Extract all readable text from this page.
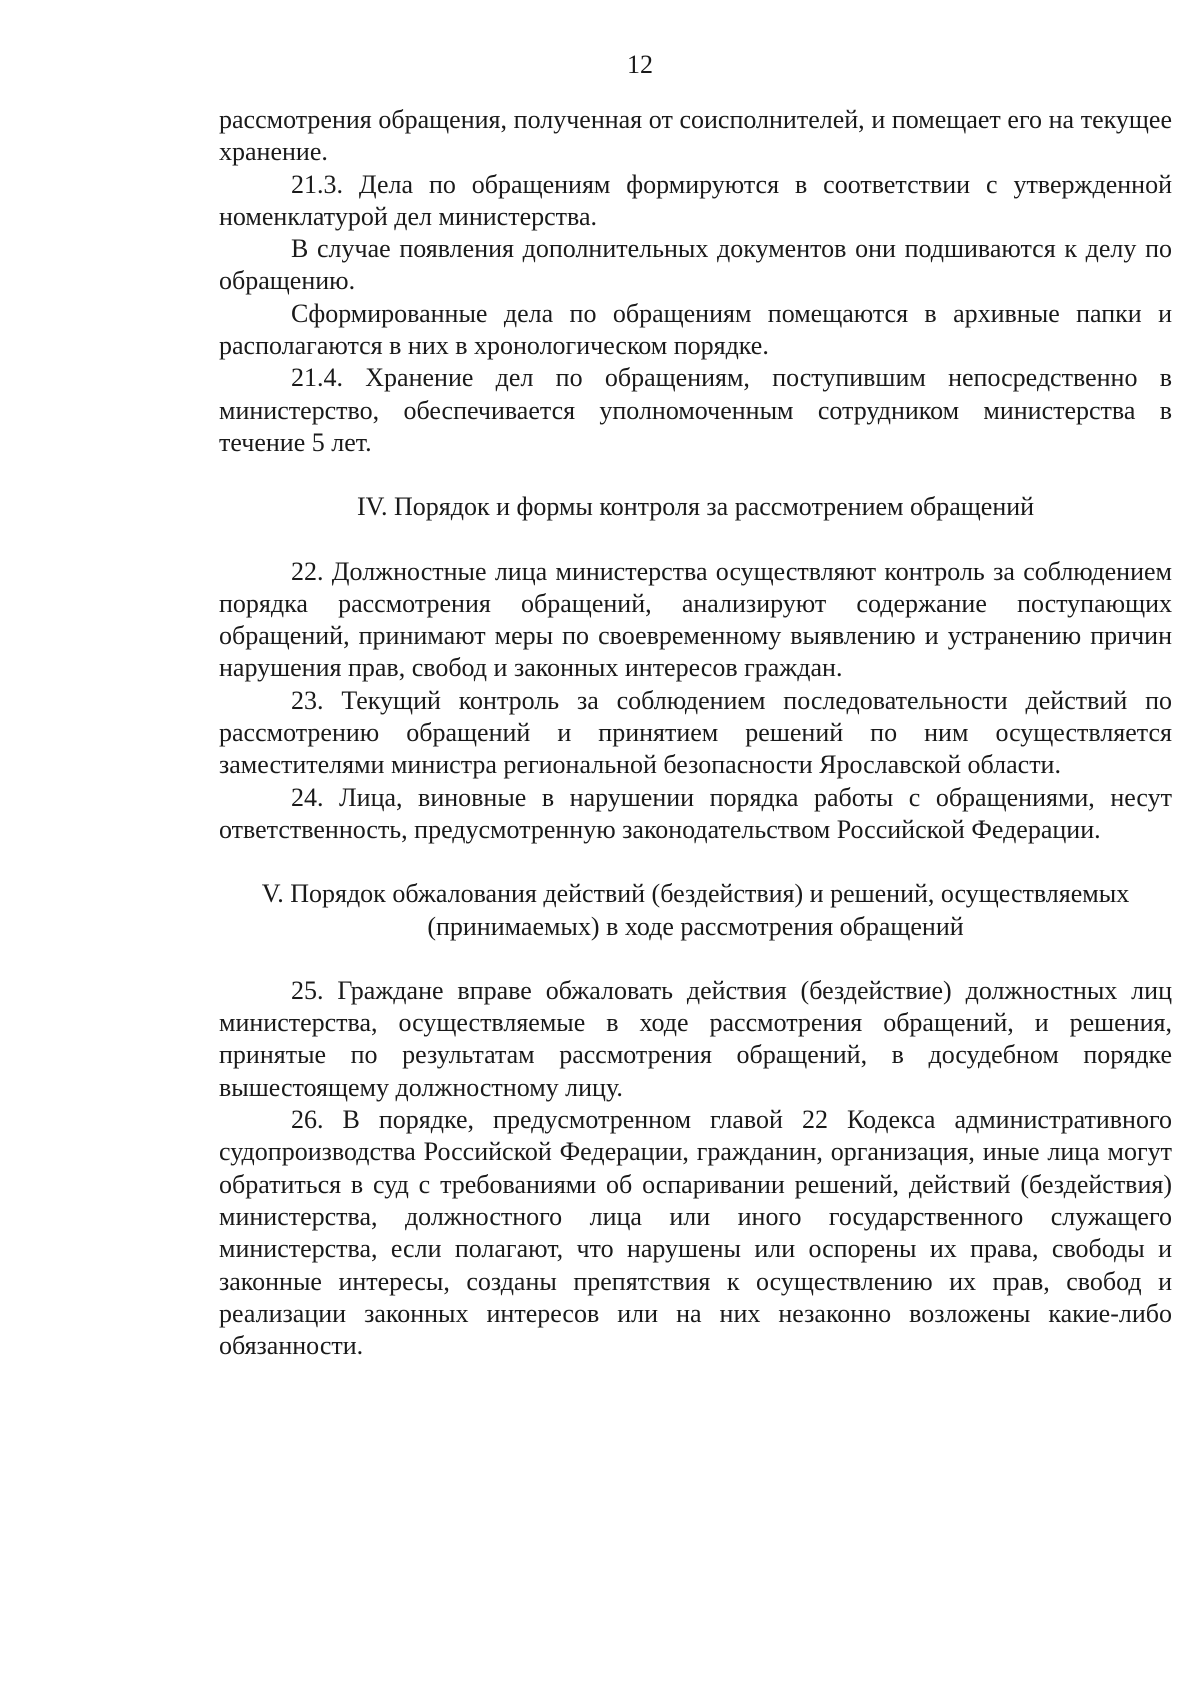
12

рассмотрения обращения, полученная от соисполнителей, и помещает его на текущее хранение.

21.3. Дела по обращениям формируются в соответствии с утвержденной номенклатурой дел министерства.

В случае появления дополнительных документов они подшиваются к делу по обращению.

Сформированные дела по обращениям помещаются в архивные папки и располагаются в них в хронологическом порядке.

21.4. Хранение дел по обращениям, поступившим непосредственно в министерство, обеспечивается уполномоченным сотрудником министерства в течение 5 лет.

IV. Порядок и формы контроля за рассмотрением обращений

22. Должностные лица министерства осуществляют контроль за соблюдением порядка рассмотрения обращений, анализируют содержание поступающих обращений, принимают меры по своевременному выявлению и устранению причин нарушения прав, свобод и законных интересов граждан.

23. Текущий контроль за соблюдением последовательности действий по рассмотрению обращений и принятием решений по ним осуществляется заместителями министра региональной безопасности Ярославской области.

24. Лица, виновные в нарушении порядка работы с обращениями, несут ответственность, предусмотренную законодательством Российской Федерации.

V. Порядок обжалования действий (бездействия) и решений, осуществляемых (принимаемых) в ходе рассмотрения обращений

25. Граждане вправе обжаловать действия (бездействие) должностных лиц министерства, осуществляемые в ходе рассмотрения обращений, и решения, принятые по результатам рассмотрения обращений, в досудебном порядке вышестоящему должностному лицу.

26. В порядке, предусмотренном главой 22 Кодекса административного судопроизводства Российской Федерации, гражданин, организация, иные лица могут обратиться в суд с требованиями об оспаривании решений, действий (бездействия) министерства, должностного лица или иного государственного служащего министерства, если полагают, что нарушены или оспорены их права, свободы и законные интересы, созданы препятствия к осуществлению их прав, свобод и реализации законных интересов или на них незаконно возложены какие-либо обязанности.
